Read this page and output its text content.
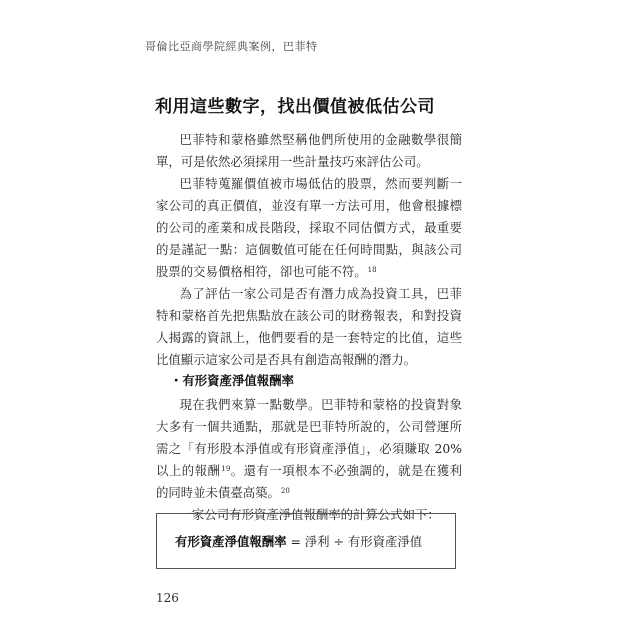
哥倫比亞商學院經典案例，巴菲特
利用這些數字，找出價值被低估公司

巴菲特和蒙格雖然堅稱他們所使用的金融數學很簡單，可是依然必須採用一些計量技巧來評估公司。

巴菲特蒐羅價值被市場低估的股票，然而要判斷一家公司的真正價值，並沒有單一方法可用，他會根據標的公司的產業和成長階段，採取不同估價方式，最重要的是謹記一點：這個數值可能在任何時間點，與該公司股票的交易價格相符，卻也可能不符。$^{18}$

為了評估一家公司是否有潛力成為投資工具，巴菲特和蒙格首先把焦點放在該公司的財務報表，和對投資人揭露的資訊上，他們要看的是一套特定的比值，這些比值顯示這家公司是否具有創造高報酬的潛力。

・有形資產淨值報酬率

現在我們來算一點數學。巴菲特和蒙格的投資對象大多有一個共通點，那就是巴菲特所說的，公司營運所需之「有形股本淨值或有形資產淨值」，必須賺取 20% 以上的報酬$^{19}$。還有一項根本不必強調的，就是在獲利的同時並未債臺高築。$^{20}$

一家公司有形資產淨值報酬率的計算公式如下：

有形資產淨值報酬率 = 淨利 ÷ 有形資產淨值
126
